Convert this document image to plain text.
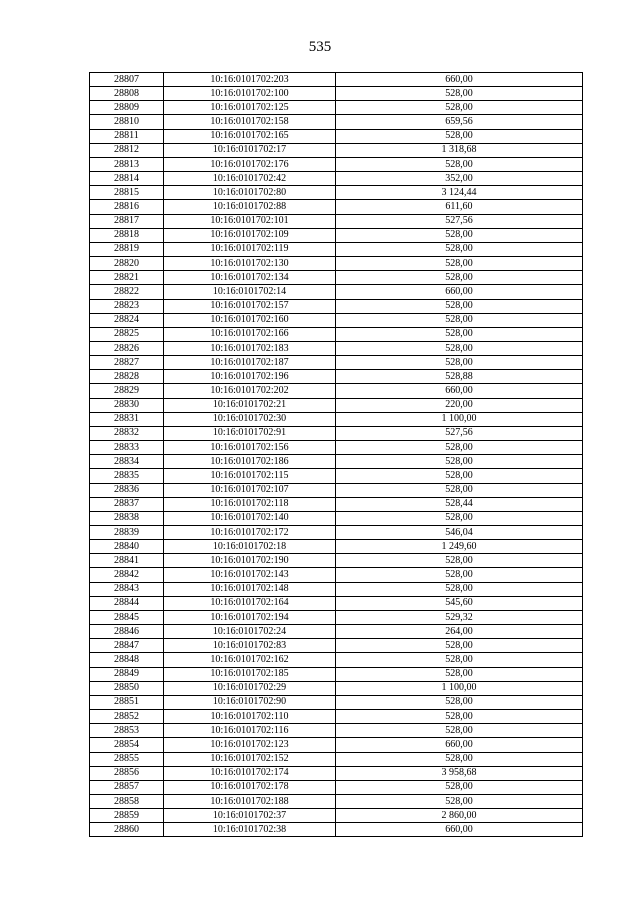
535
28807	10:16:0101702:203	660,00
28808	10:16:0101702:100	528,00
28809	10:16:0101702:125	528,00
28810	10:16:0101702:158	659,56
28811	10:16:0101702:165	528,00
28812	10:16:0101702:17	1 318,68
28813	10:16:0101702:176	528,00
28814	10:16:0101702:42	352,00
28815	10:16:0101702:80	3 124,44
28816	10:16:0101702:88	611,60
28817	10:16:0101702:101	527,56
28818	10:16:0101702:109	528,00
28819	10:16:0101702:119	528,00
28820	10:16:0101702:130	528,00
28821	10:16:0101702:134	528,00
28822	10:16:0101702:14	660,00
28823	10:16:0101702:157	528,00
28824	10:16:0101702:160	528,00
28825	10:16:0101702:166	528,00
28826	10:16:0101702:183	528,00
28827	10:16:0101702:187	528,00
28828	10:16:0101702:196	528,88
28829	10:16:0101702:202	660,00
28830	10:16:0101702:21	220,00
28831	10:16:0101702:30	1 100,00
28832	10:16:0101702:91	527,56
28833	10:16:0101702:156	528,00
28834	10:16:0101702:186	528,00
28835	10:16:0101702:115	528,00
28836	10:16:0101702:107	528,00
28837	10:16:0101702:118	528,44
28838	10:16:0101702:140	528,00
28839	10:16:0101702:172	546,04
28840	10:16:0101702:18	1 249,60
28841	10:16:0101702:190	528,00
28842	10:16:0101702:143	528,00
28843	10:16:0101702:148	528,00
28844	10:16:0101702:164	545,60
28845	10:16:0101702:194	529,32
28846	10:16:0101702:24	264,00
28847	10:16:0101702:83	528,00
28848	10:16:0101702:162	528,00
28849	10:16:0101702:185	528,00
28850	10:16:0101702:29	1 100,00
28851	10:16:0101702:90	528,00
28852	10:16:0101702:110	528,00
28853	10:16:0101702:116	528,00
28854	10:16:0101702:123	660,00
28855	10:16:0101702:152	528,00
28856	10:16:0101702:174	3 958,68
28857	10:16:0101702:178	528,00
28858	10:16:0101702:188	528,00
28859	10:16:0101702:37	2 860,00
28860	10:16:0101702:38	660,00
